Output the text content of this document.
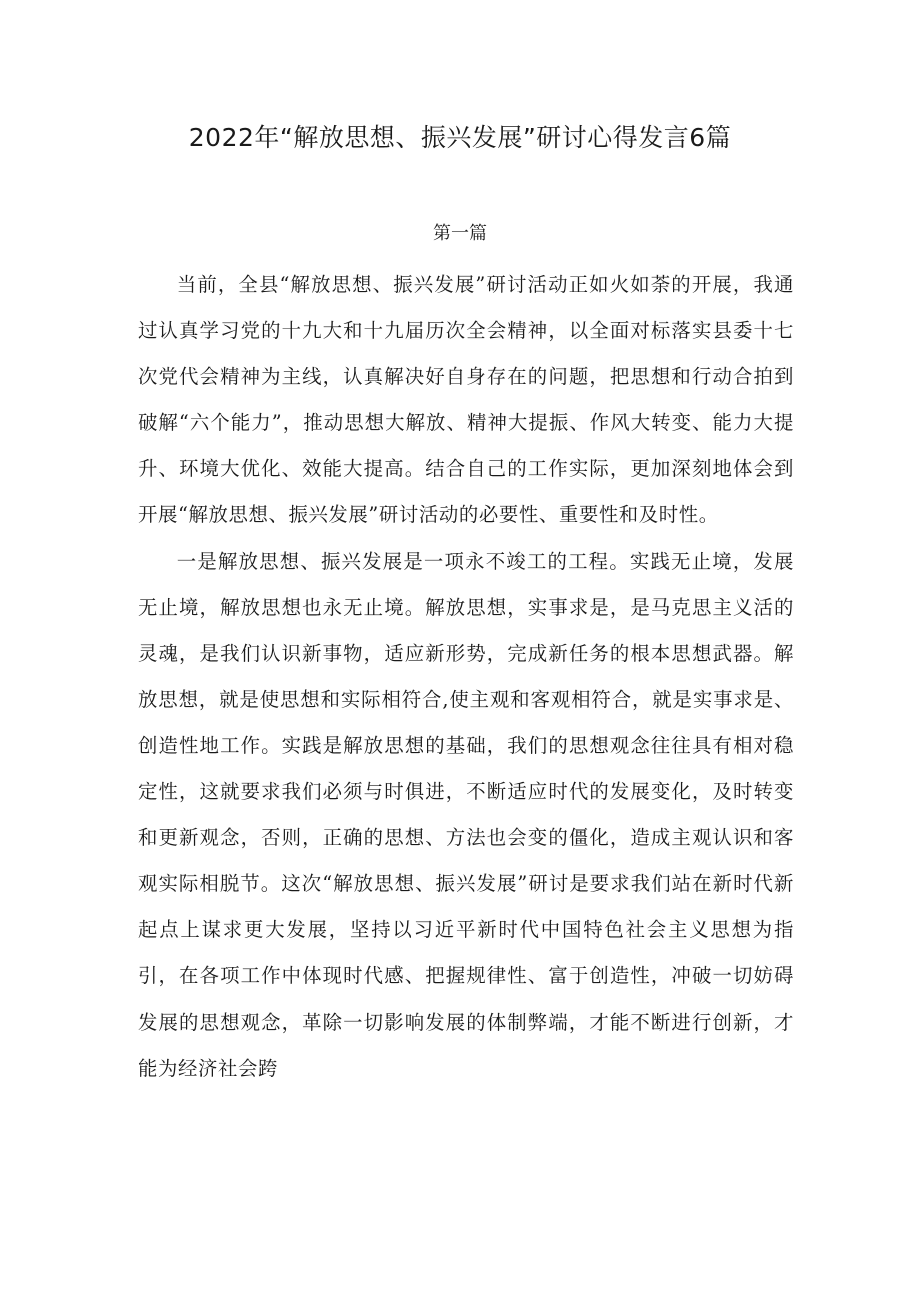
2022年“解放思想、振兴发展”研讨心得发言6篇
第一篇

当前，全县“解放思想、振兴发展”研讨活动正如火如荼的开展，我通过认真学习党的十九大和十九届历次全会精神，以全面对标落实县委十七次党代会精神为主线，认真解决好自身存在的问题，把思想和行动合拍到破解“六个能力”，推动思想大解放、精神大提振、作风大转变、能力大提升、环境大优化、效能大提高。结合自己的工作实际，更加深刻地体会到开展“解放思想、振兴发展”研讨活动的必要性、重要性和及时性。

一是解放思想、振兴发展是一项永不竣工的工程。实践无止境，发展无止境，解放思想也永无止境。解放思想，实事求是，是马克思主义活的灵魂，是我们认识新事物，适应新形势，完成新任务的根本思想武器。解放思想，就是使思想和实际相符合,使主观和客观相符合，就是实事求是、创造性地工作。实践是解放思想的基础，我们的思想观念往往具有相对稳定性，这就要求我们必须与时俱进，不断适应时代的发展变化，及时转变和更新观念，否则，正确的思想、方法也会变的僵化，造成主观认识和客观实际相脱节。这次“解放思想、振兴发展”研讨是要求我们站在新时代新起点上谋求更大发展，坚持以习近平新时代中国特色社会主义思想为指引，在各项工作中体现时代感、把握规律性、富于创造性，冲破一切妨碍发展的思想观念，革除一切影响发展的体制弊端，才能不断进行创新，才能为经济社会跨
